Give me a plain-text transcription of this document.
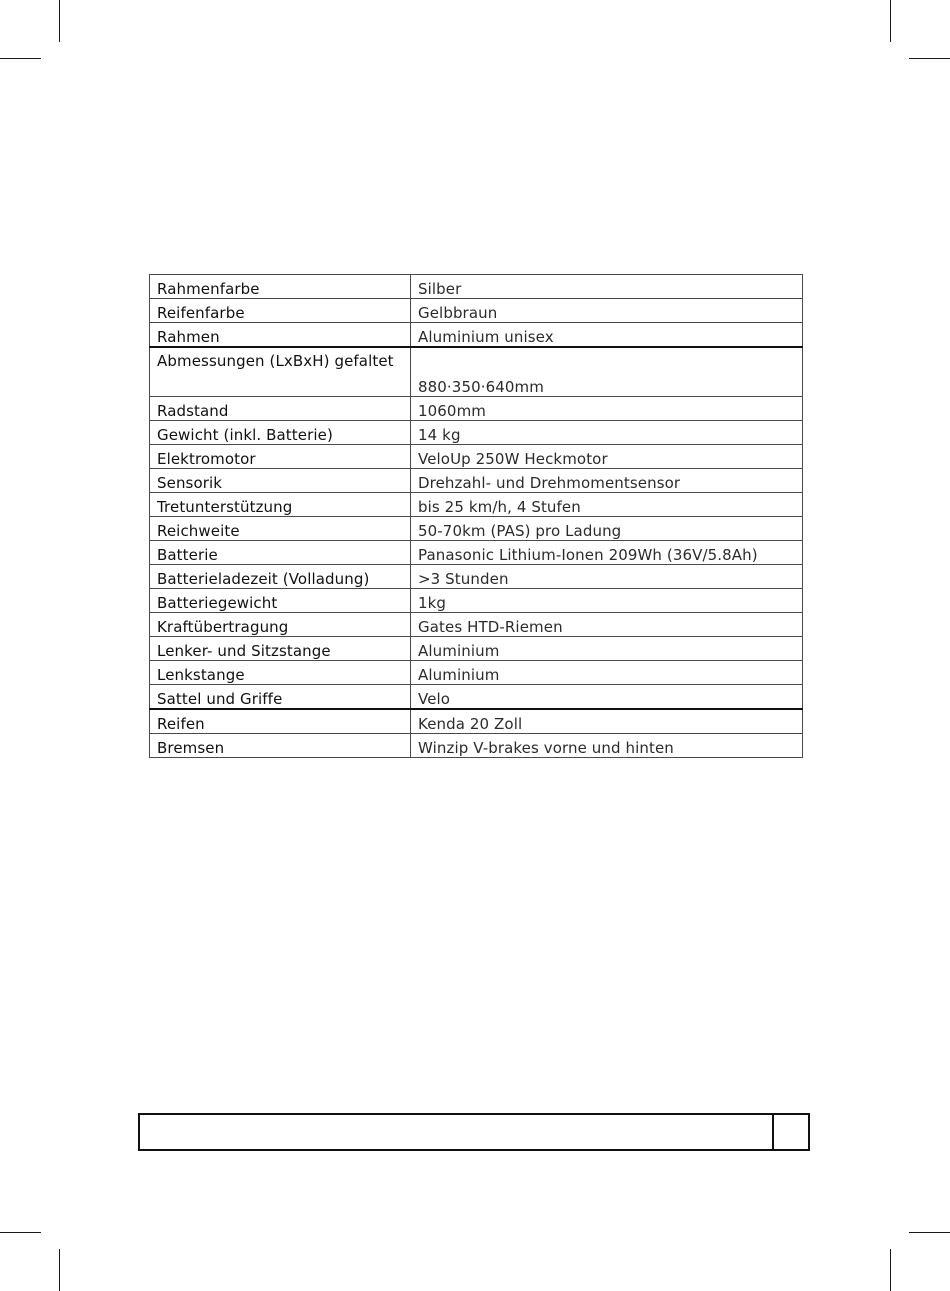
Rahmenfarbe	Silber
Reifenfarbe	Gelbbraun
Rahmen	Aluminium unisex
Abmessungen (LxBxH) gefaltet	880·350·640mm
Radstand	1060mm
Gewicht (inkl. Batterie)	14 kg
Elektromotor	VeloUp 250W Heckmotor
Sensorik	Drehzahl- und Drehmomentsensor
Tretunterstützung	bis 25 km/h, 4 Stufen
Reichweite	50-70km (PAS) pro Ladung
Batterie	Panasonic Lithium-Ionen 209Wh (36V/5.8Ah)
Batterieladezeit (Volladung)	>3 Stunden
Batteriegewicht	1kg
Kraftübertragung	Gates HTD-Riemen
Lenker- und Sitzstange	Aluminium
Lenkstange	Aluminium
Sattel und Griffe	Velo
Reifen	Kenda 20 Zoll
Bremsen	Winzip V-brakes vorne und hinten
